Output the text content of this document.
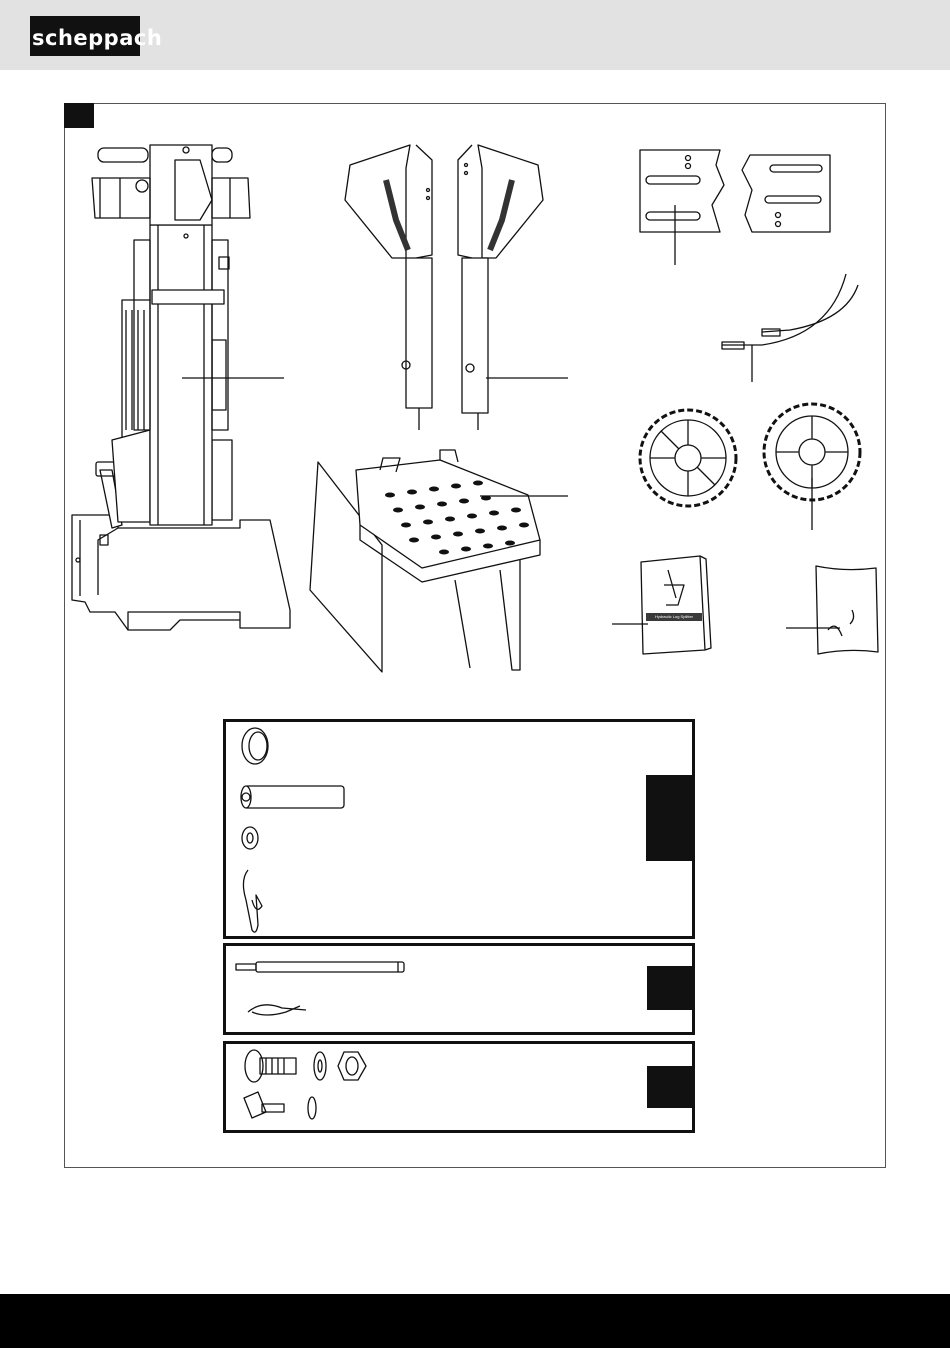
scheppach
Hydraulic Log Splitter
